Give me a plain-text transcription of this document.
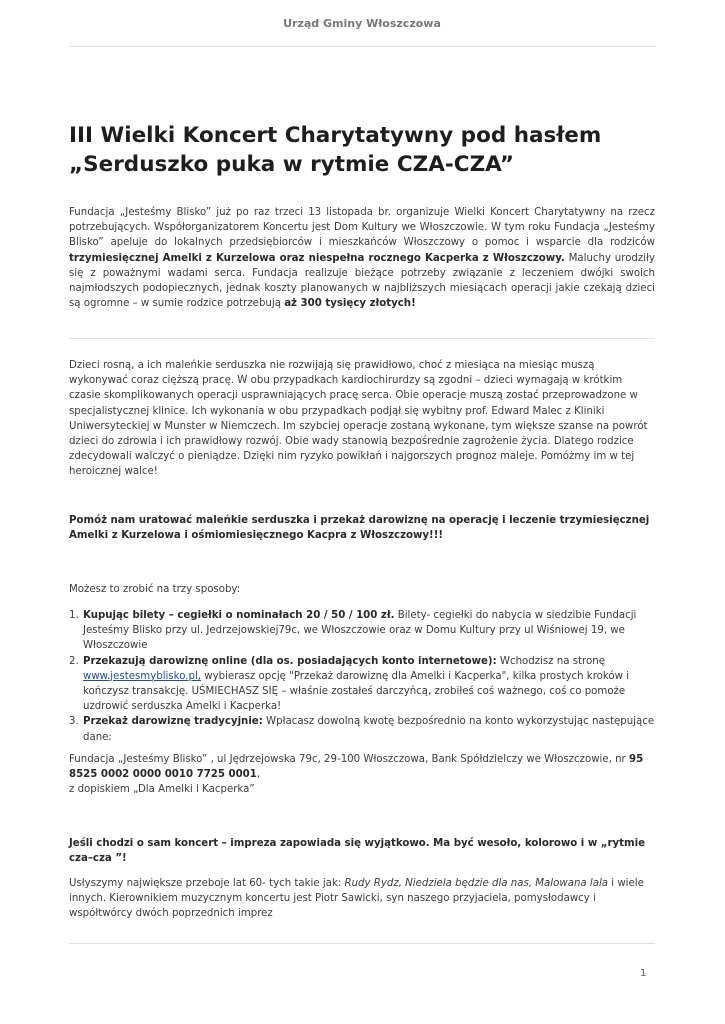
Urząd Gminy Włoszczowa
III Wielki Koncert Charytatywny pod hasłem
„Serduszko puka w rytmie CZA-CZA”

Fundacja „Jesteśmy Blisko” już po raz trzeci 13 listopada br. organizuje Wielki Koncert Charytatywny na rzecz potrzebujących. Współorganizatorem Koncertu jest Dom Kultury we Włoszczowie. W tym roku Fundacja „Jesteśmy Blisko” apeluje do lokalnych przedsiębiorców i mieszkańców Włoszczowy o pomoc i wsparcie dla rodziców trzymiesięcznej Amelki z Kurzelowa oraz niespełna rocznego Kacperka z Włoszczowy. Maluchy urodziły się z poważnymi wadami serca. Fundacja realizuje bieżące potrzeby związanie z leczeniem dwójki swoich najmłodszych podopiecznych, jednak koszty planowanych w najbliższych miesiącach operacji jakie czekają dzieci są ogromne – w sumie rodzice potrzebują aż 300 tysięcy złotych!

Dzieci rosną, a ich maleńkie serduszka nie rozwijają się prawidłowo, choć z miesiąca na miesiąc muszą wykonywać coraz cięższą pracę. W obu przypadkach kardiochirurdzy są zgodni – dzieci wymagają w krótkim czasie skomplikowanych operacji usprawniających pracę serca. Obie operacje muszą zostać przeprowadzone w specjalistycznej klinice. Ich wykonania w obu przypadkach podjął się wybitny prof. Edward Malec z Kliniki Uniwersyteckiej w Munster w Niemczech. Im szybciej operacje zostaną wykonane, tym większe szanse na powrót dzieci do zdrowia i ich prawidłowy rozwój. Obie wady stanowią bezpośrednie zagrożenie życia. Dlatego rodzice zdecydowali walczyć o pieniądze. Dzięki nim ryzyko powikłań i najgorszych prognoz maleje. Pomóżmy im w tej heroicznej walce!

Pomóż nam uratować maleńkie serduszka i przekaż darowiznę na operację i leczenie trzymiesięcznej Amelki z Kurzelowa i ośmiomiesięcznego Kacpra z Włoszczowy!!!

Możesz to zrobić na trzy sposoby:

1. Kupując bilety – cegiełki o nominałach 20 / 50 / 100 zł. Bilety- cegiełki do nabycia w siedzibie Fundacji Jesteśmy Blisko przy ul. Jedrzejowskiej79c, we Włoszczowie oraz w Domu Kultury przy ul Wiśniowej 19, we Włoszczowie
2. Przekazują darowiznę online (dla os. posiadających konto internetowe): Wchodzisz na stronę www.jestesmyblisko.pl, wybierasz opcję "Przekaż darowiznę dla Amelki i Kacperka", kilka prostych kroków i kończysz transakcję. UŚMIECHASZ SIĘ – właśnie zostałeś darczyńcą, zrobiłeś coś ważnego, coś co pomoże uzdrowić serduszka Amelki i Kacperka!
3. Przekaż darowiznę tradycyjnie: Wpłacasz dowolną kwotę bezpośrednio na konto wykorzystując następujące dane:

Fundacja „Jesteśmy Blisko” , ul Jędrzejowska 79c, 29-100 Włoszczowa, Bank Spółdzielczy we Włoszczowie, nr 95 8525 0002 0000 0010 7725 0001,
z dopiskiem „Dla Amelki i Kacperka”

Jeśli chodzi o sam koncert – impreza zapowiada się wyjątkowo. Ma być wesoło, kolorowo i w „rytmie cza–cza ”!

Usłyszymy największe przeboje lat 60- tych takie jak: Rudy Rydz, Niedziela będzie dla nas, Malowana lala i wiele innych. Kierownikiem muzycznym koncertu jest Piotr Sawicki, syn naszego przyjaciela, pomysłodawcy i współtwórcy dwóch poprzednich imprez

1
